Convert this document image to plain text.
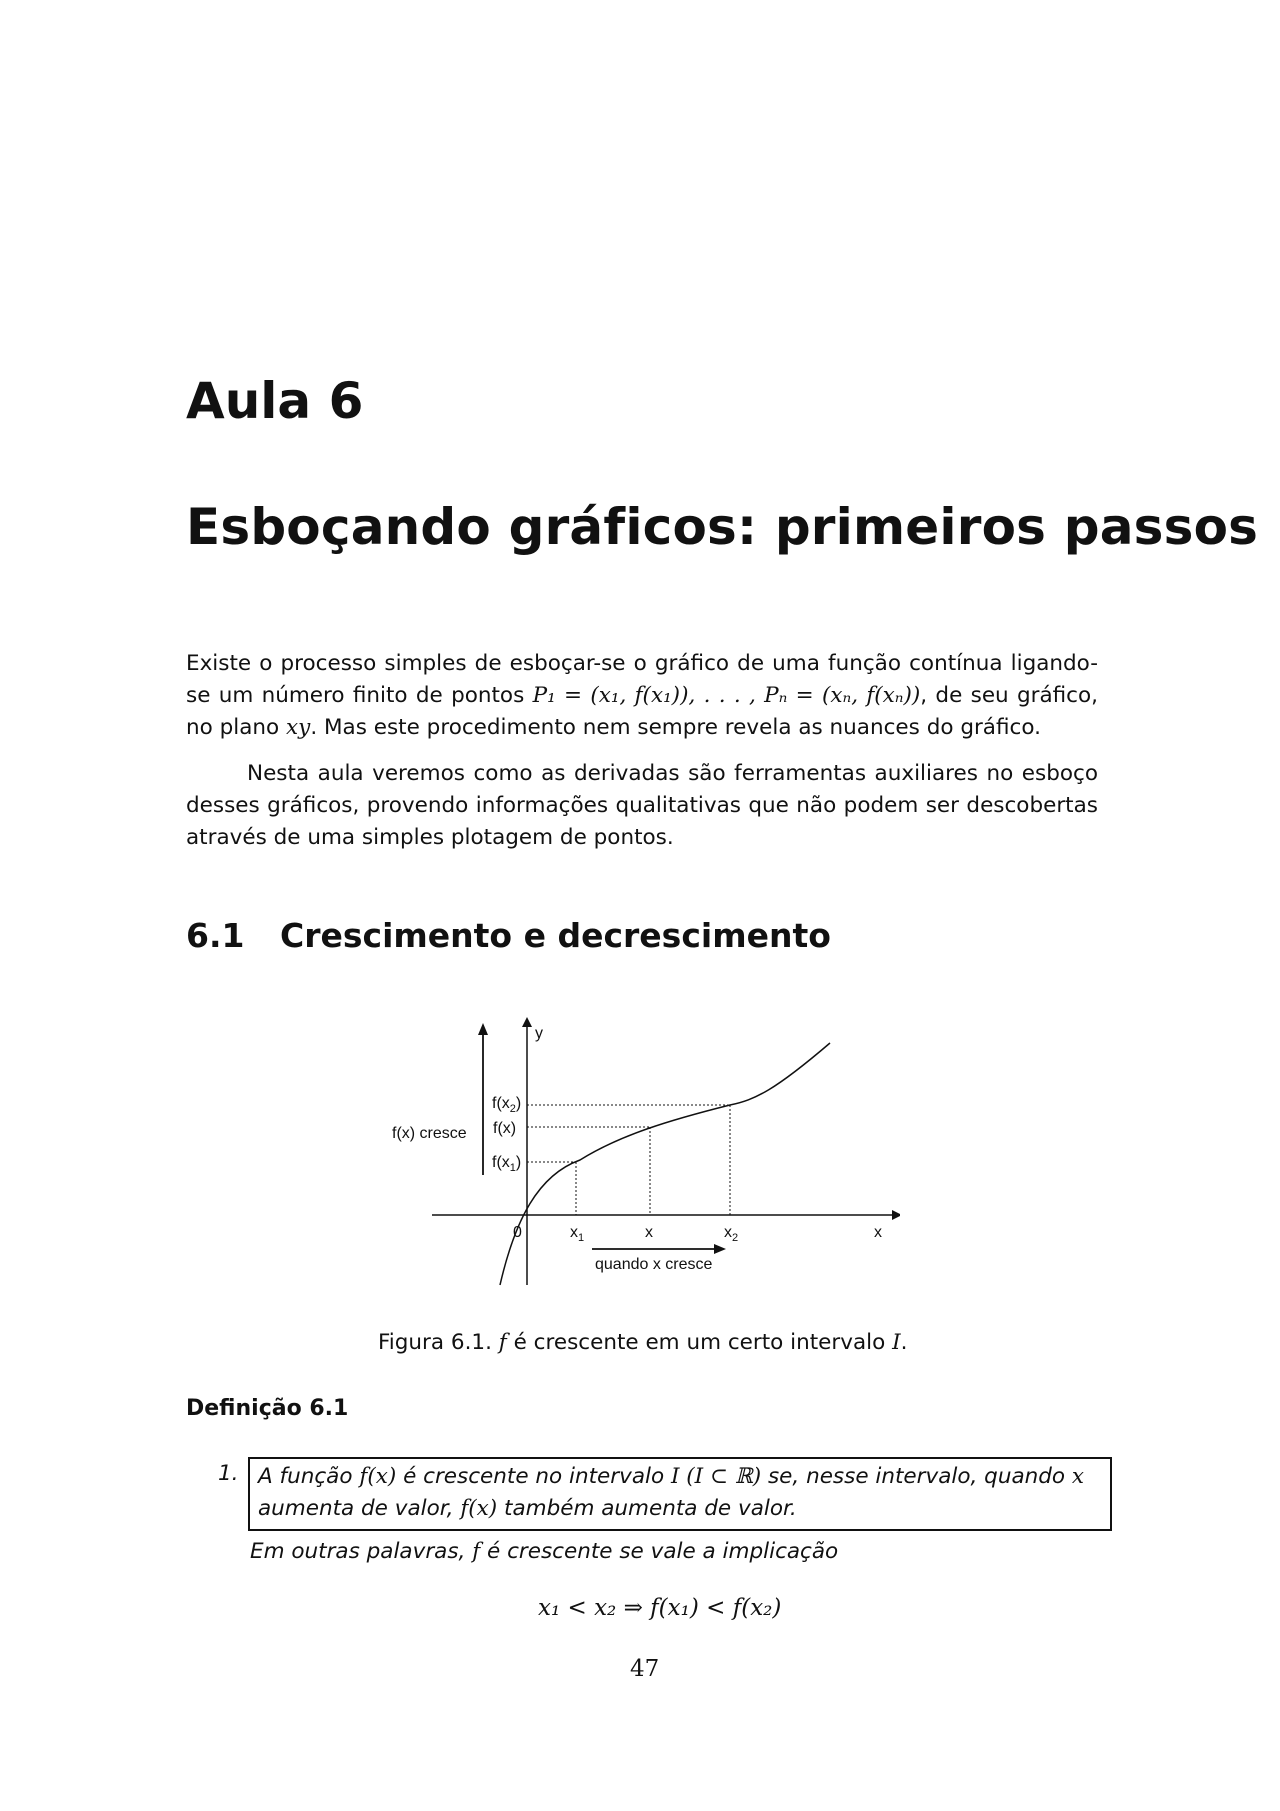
Aula 6
Esboçando gráficos: primeiros passos

Existe o processo simples de esboçar-se o gráfico de uma função contínua ligando-se um número finito de pontos P₁ = (x₁, f(x₁)), . . . , Pₙ = (xₙ, f(xₙ)), de seu gráfico, no plano xy. Mas este procedimento nem sempre revela as nuances do gráfico.

Nesta aula veremos como as derivadas são ferramentas auxiliares no esboço desses gráficos, provendo informações qualitativas que não podem ser descobertas através de uma simples plotagem de pontos.

6.1 Crescimento e decrescimento
f(x) cresce
y
$f(x_2)$
f(x)
$f(x_1)$
0	$x_1$	x	$x_2$	x
quando x cresce
Figura 6.1. f é crescente em um certo intervalo I.
Definição 6.1
1. A função f(x) é crescente no intervalo I (I ⊂ ℝ) se, nesse intervalo, quando x aumenta de valor, f(x) também aumenta de valor.
Em outras palavras, f é crescente se vale a implicação
x₁ < x₂ ⇒ f(x₁) < f(x₂)
47
